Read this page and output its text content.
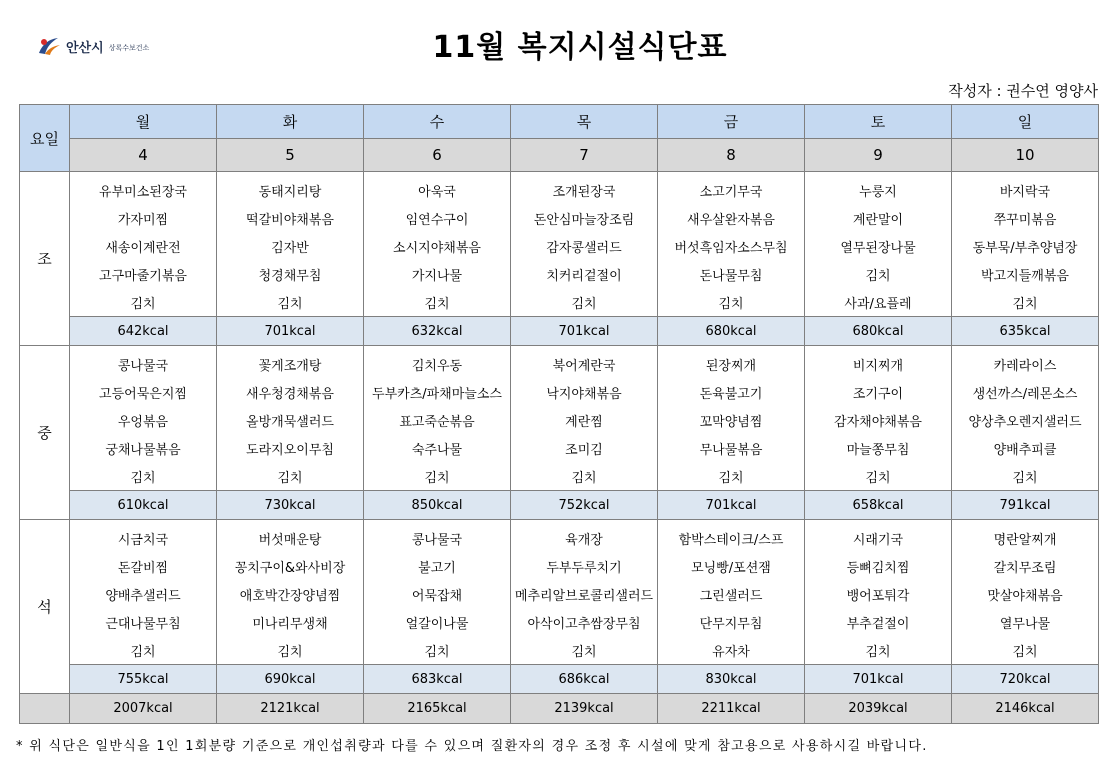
안산시 상록수보건소	11월 복지시설식단표
작성자 : 권수연 영양사
요일	월	화	수	목	금	토	일
	4	5	6	7	8	9	10
조	유부미소된장국	동태지리탕	아욱국	조개된장국	소고기무국	누룽지	바지락국
	가자미찜	떡갈비야채볶음	임연수구이	돈안심마늘장조림	새우살완자볶음	계란말이	쭈꾸미볶음
	새송이계란전	김자반	소시지야채볶음	감자콩샐러드	버섯흑임자소스무침	열무된장나물	동부묵/부추양념장
	고구마줄기볶음	청경채무침	가지나물	치커리겉절이	돈나물무침	김치	박고지들깨볶음
	김치	김치	김치	김치	김치	사과/요플레	김치
	642kcal	701kcal	632kcal	701kcal	680kcal	680kcal	635kcal
중	콩나물국	꽃게조개탕	김치우동	북어계란국	된장찌개	비지찌개	카레라이스
	고등어묵은지찜	새우청경채볶음	두부카츠/파채마늘소스	낙지야채볶음	돈육불고기	조기구이	생선까스/레몬소스
	우엉볶음	올방개묵샐러드	표고죽순볶음	계란찜	꼬막양념찜	감자채야채볶음	양상추오렌지샐러드
	궁채나물볶음	도라지오이무침	숙주나물	조미김	무나물볶음	마늘쫑무침	양배추피클
	김치	김치	김치	김치	김치	김치	김치
	610kcal	730kcal	850kcal	752kcal	701kcal	658kcal	791kcal
석	시금치국	버섯매운탕	콩나물국	육개장	함박스테이크/스프	시래기국	명란알찌개
	돈갈비찜	꽁치구이&와사비장	불고기	두부두루치기	모닝빵/포션잼	등뼈김치찜	갈치무조림
	양배추샐러드	애호박간장양념찜	어묵잡채	메추리알브로콜리샐러드	그린샐러드	뱅어포튀각	맛살야채볶음
	근대나물무침	미나리무생채	얼갈이나물	아삭이고추쌈장무침	단무지무침	부추겉절이	열무나물
	김치	김치	김치	김치	유자차	김치	김치
	755kcal	690kcal	683kcal	686kcal	830kcal	701kcal	720kcal
	2007kcal	2121kcal	2165kcal	2139kcal	2211kcal	2039kcal	2146kcal
* 위 식단은 일반식을 1인 1회분량 기준으로 개인섭취량과 다를 수 있으며 질환자의 경우 조정 후 시설에 맞게 참고용으로 사용하시길 바랍니다.
